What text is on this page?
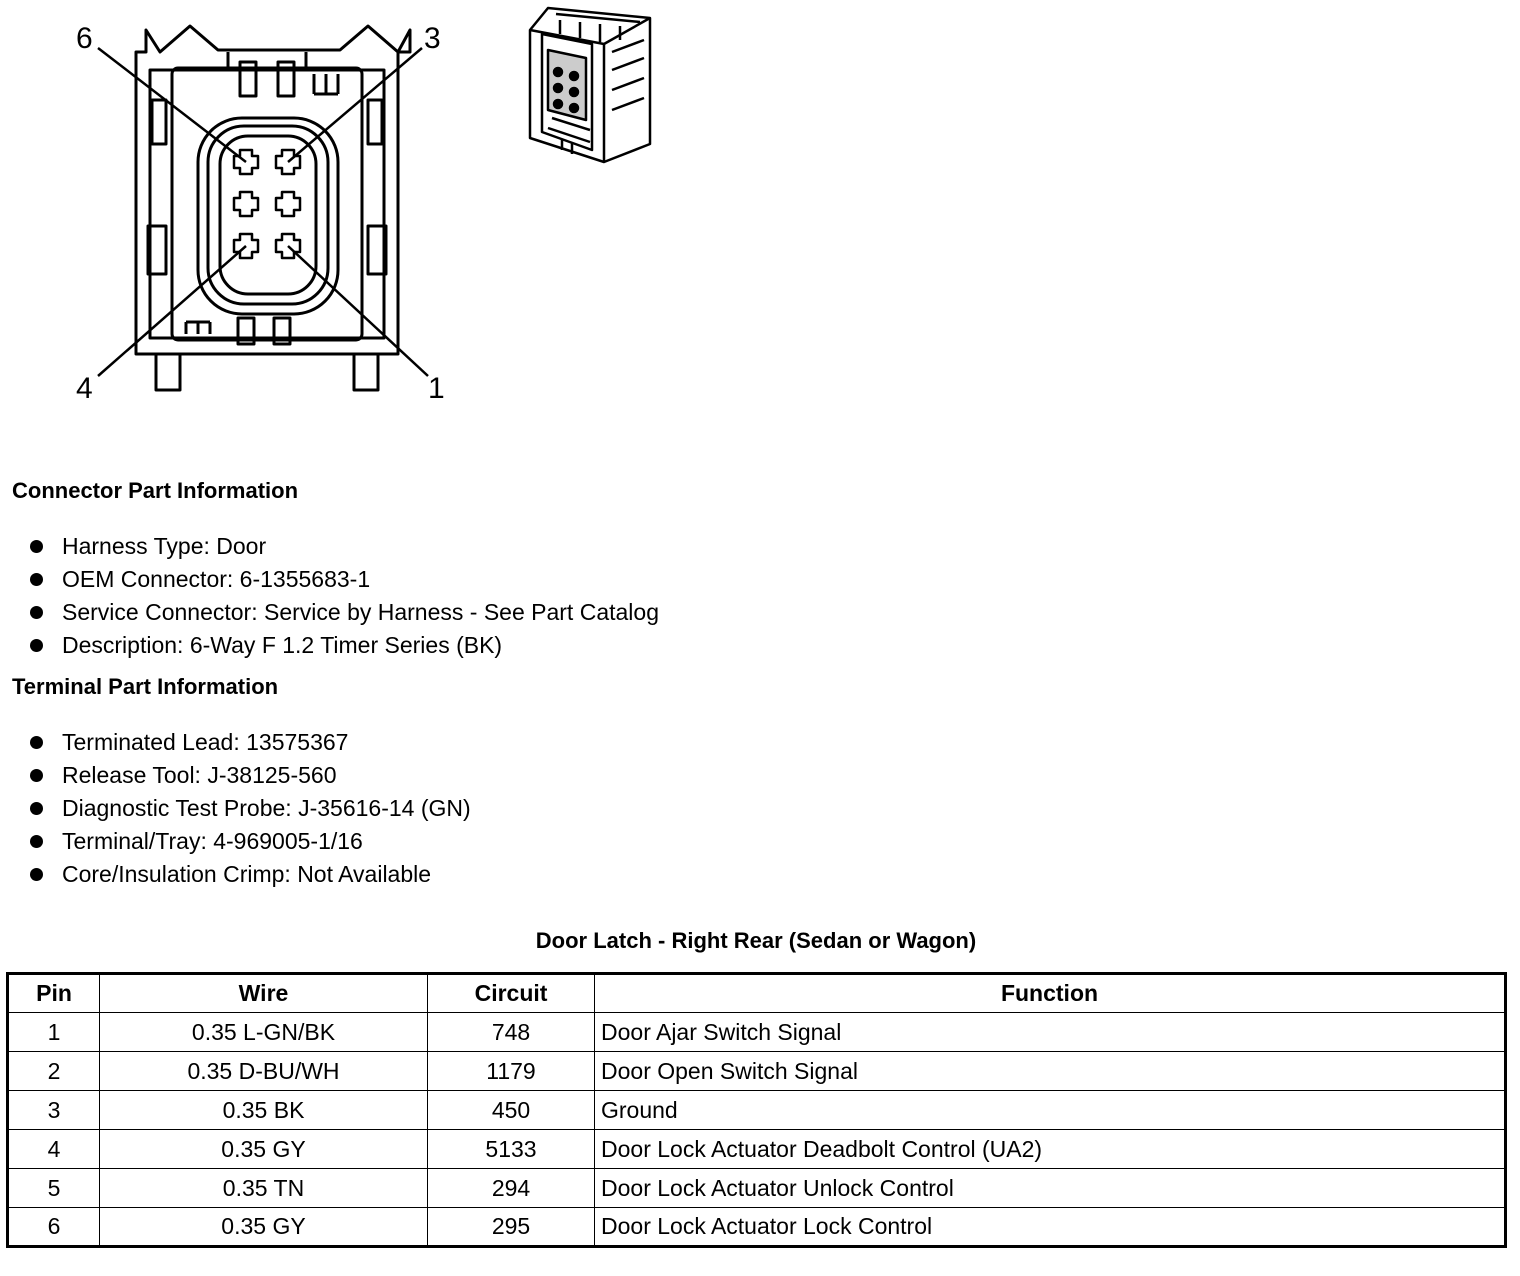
6	3
4	1
Connector Part Information
Harness Type: Door
OEM Connector: 6-1355683-1
Service Connector: Service by Harness - See Part Catalog
Description: 6-Way F 1.2 Timer Series (BK)
Terminal Part Information
Terminated Lead: 13575367
Release Tool: J-38125-560
Diagnostic Test Probe: J-35616-14 (GN)
Terminal/Tray: 4-969005-1/16
Core/Insulation Crimp: Not Available
Door Latch - Right Rear (Sedan or Wagon)
Pin	Wire	Circuit	Function
1	0.35 L-GN/BK	748	Door Ajar Switch Signal
2	0.35 D-BU/WH	1179	Door Open Switch Signal
3	0.35 BK	450	Ground
4	0.35 GY	5133	Door Lock Actuator Deadbolt Control (UA2)
5	0.35 TN	294	Door Lock Actuator Unlock Control
6	0.35 GY	295	Door Lock Actuator Lock Control
